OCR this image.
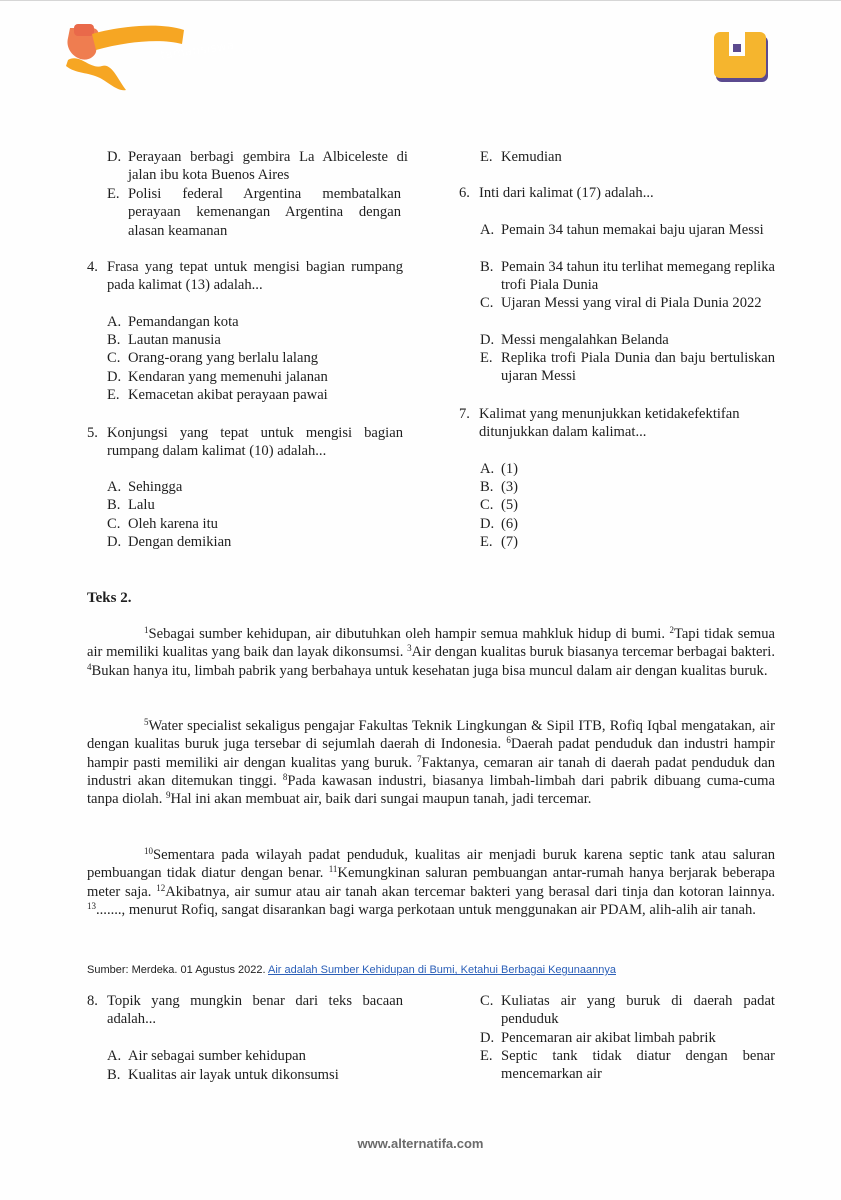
tamansiswa
D. Perayaan berbagi gembira La Albiceleste di jalan ibu kota Buenos Aires
E. Polisi federal Argentina membatalkan perayaan kemenangan Argentina dengan alasan keamanan
4. Frasa yang tepat untuk mengisi bagian rumpang pada kalimat (13) adalah...
A. Pemandangan kota
B. Lautan manusia
C. Orang-orang yang berlalu lalang
D. Kendaran yang memenuhi jalanan
E. Kemacetan akibat perayaan pawai
5. Konjungsi yang tepat untuk mengisi bagian rumpang dalam kalimat (10) adalah...
A. Sehingga
B. Lalu
C. Oleh karena itu
D. Dengan demikian
E. Kemudian
6. Inti dari kalimat (17) adalah...
A. Pemain 34 tahun memakai baju ujaran Messi
B. Pemain 34 tahun itu terlihat memegang replika trofi Piala Dunia
C. Ujaran Messi yang viral di Piala Dunia 2022
D. Messi mengalahkan Belanda
E. Replika trofi Piala Dunia dan baju bertuliskan ujaran Messi
7. Kalimat yang menunjukkan ketidakefektifan ditunjukkan dalam kalimat...
A. (1)
B. (3)
C. (5)
D. (6)
E. (7)
Teks 2.
$^1$Sebagai sumber kehidupan, air dibutuhkan oleh hampir semua mahkluk hidup di bumi. $^2$Tapi tidak semua air memiliki kualitas yang baik dan layak dikonsumsi. $^3$Air dengan kualitas buruk biasanya tercemar berbagai bakteri. $^4$Bukan hanya itu, limbah pabrik yang berbahaya untuk kesehatan juga bisa muncul dalam air dengan kualitas buruk.
$^5$Water specialist sekaligus pengajar Fakultas Teknik Lingkungan & Sipil ITB, Rofiq Iqbal mengatakan, air dengan kualitas buruk juga tersebar di sejumlah daerah di Indonesia. $^6$Daerah padat penduduk dan industri hampir hampir pasti memiliki air dengan kualitas yang buruk. $^7$Faktanya, cemaran air tanah di daerah padat penduduk dan industri akan ditemukan tinggi. $^8$Pada kawasan industri, biasanya limbah-limbah dari pabrik dibuang cuma-cuma tanpa diolah. $^9$Hal ini akan membuat air, baik dari sungai maupun tanah, jadi tercemar.
$^{10}$Sementara pada wilayah padat penduduk, kualitas air menjadi buruk karena septic tank atau saluran pembuangan tidak diatur dengan benar. $^{11}$Kemungkinan saluran pembuangan antar-rumah hanya berjarak beberapa meter saja. $^{12}$Akibatnya, air sumur atau air tanah akan tercemar bakteri yang berasal dari tinja dan kotoran lainnya. $^{13}$......., menurut Rofiq, sangat disarankan bagi warga perkotaan untuk menggunakan air PDAM, alih-alih air tanah.
Sumber: Merdeka. 01 Agustus 2022. Air adalah Sumber Kehidupan di Bumi, Ketahui Berbagai Kegunaannya
8. Topik yang mungkin benar dari teks bacaan adalah...
A. Air sebagai sumber kehidupan
B. Kualitas air layak untuk dikonsumsi
C. Kuliatas air yang buruk di daerah padat penduduk
D. Pencemaran air akibat limbah pabrik
E. Septic tank tidak diatur dengan benar mencemarkan air
www.alternatifa.com
